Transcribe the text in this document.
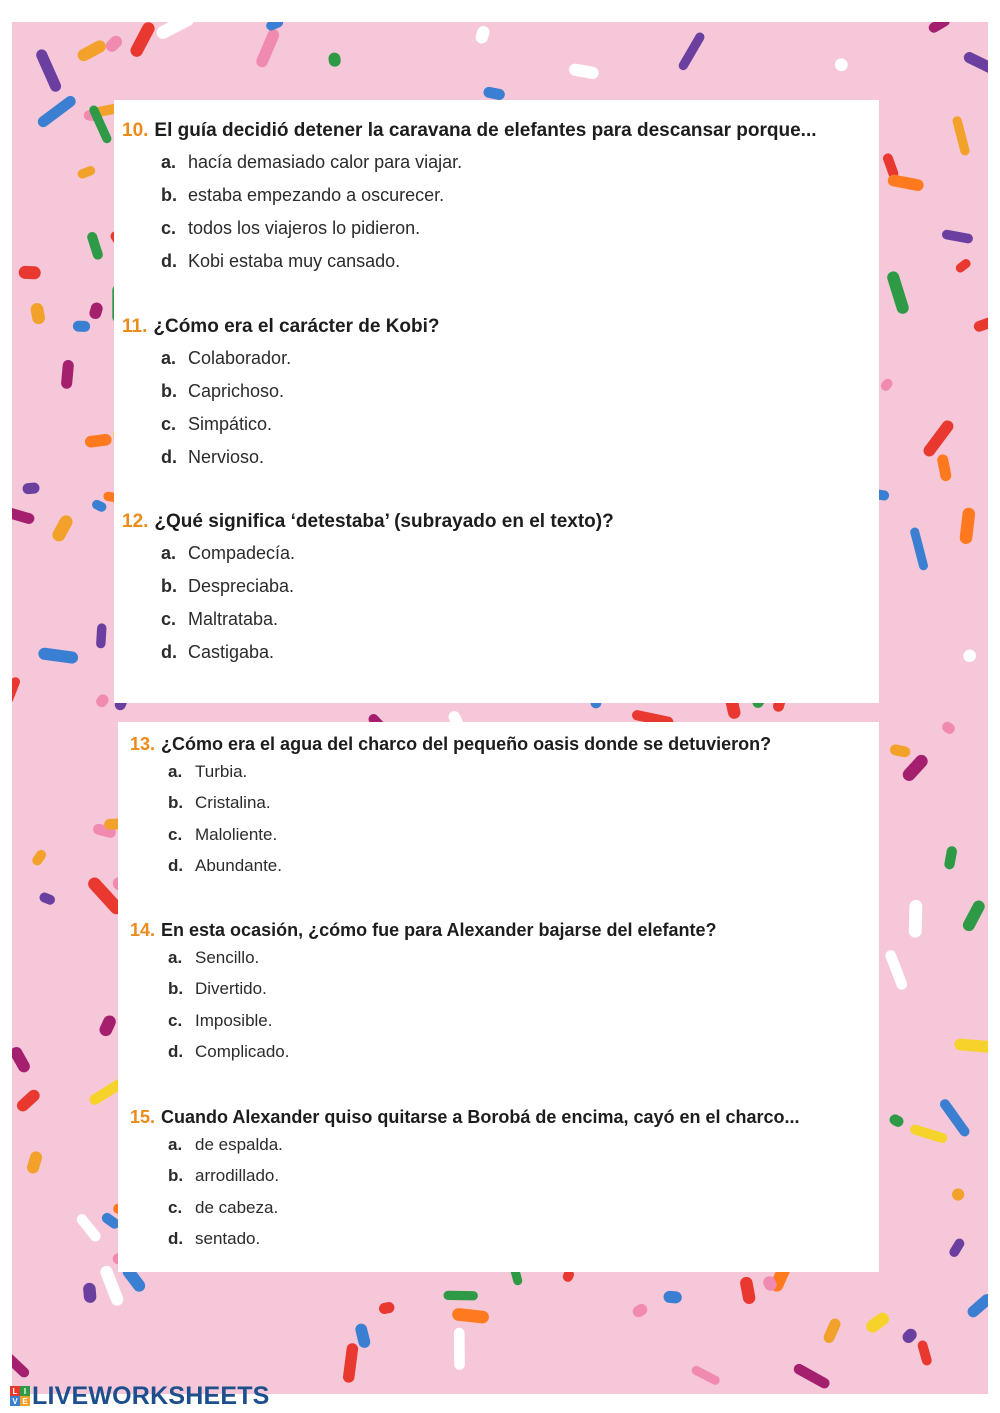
10. El guía decidió detener la caravana de elefantes para descansar porque...
a. hacía demasiado calor para viajar.
b. estaba empezando a oscurecer.
c. todos los viajeros lo pidieron.
d. Kobi estaba muy cansado.
11. ¿Cómo era el carácter de Kobi?
a. Colaborador.
b. Caprichoso.
c. Simpático.
d. Nervioso.
12. ¿Qué significa ‘detestaba’ (subrayado en el texto)?
a. Compadecía.
b. Despreciaba.
c. Maltrataba.
d. Castigaba.
13. ¿Cómo era el agua del charco del pequeño oasis donde se detuvieron?
a. Turbia.
b. Cristalina.
c. Maloliente.
d. Abundante.
14. En esta ocasión, ¿cómo fue para Alexander bajarse del elefante?
a. Sencillo.
b. Divertido.
c. Imposible.
d. Complicado.
15. Cuando Alexander quiso quitarse a Borobá de encima, cayó en el charco...
a. de espalda.
b. arrodillado.
c. de cabeza.
d. sentado.
L I
V E LIVEWORKSHEETS
